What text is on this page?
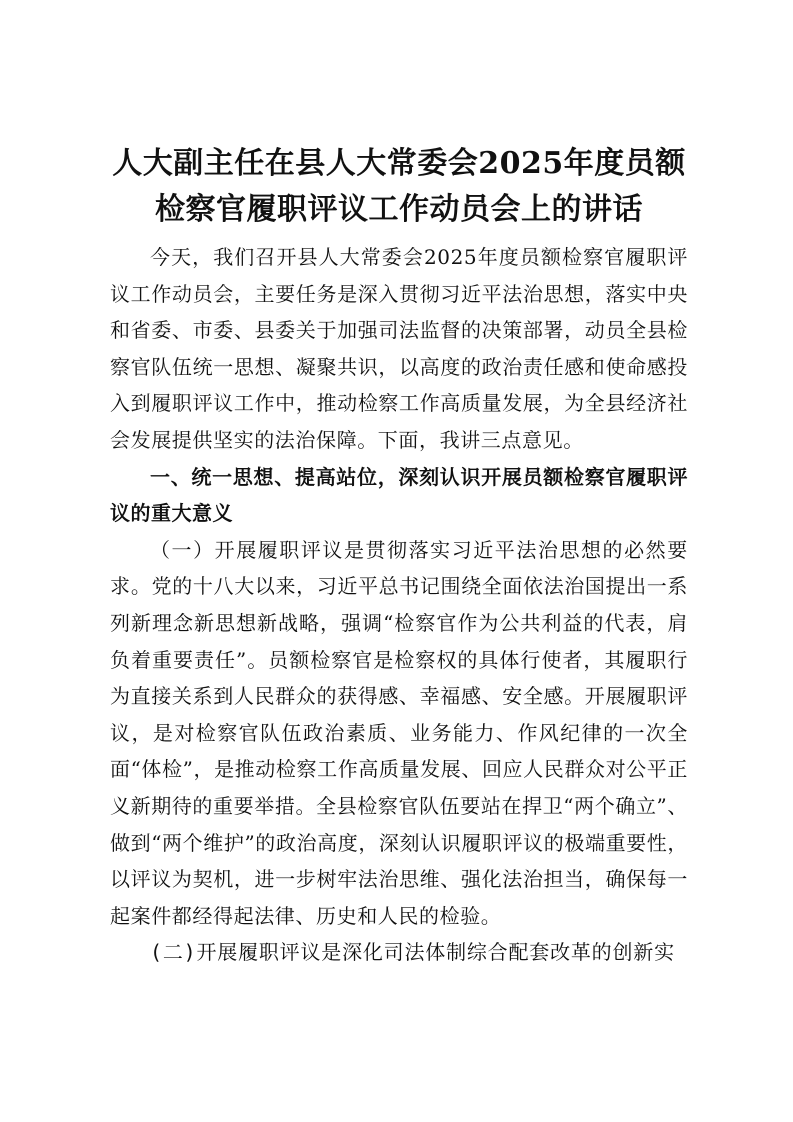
人大副主任在县人大常委会2025年度员额检察官履职评议工作动员会上的讲话

今天，我们召开县人大常委会2025年度员额检察官履职评议工作动员会，主要任务是深入贯彻习近平法治思想，落实中央和省委、市委、县委关于加强司法监督的决策部署，动员全县检察官队伍统一思想、凝聚共识，以高度的政治责任感和使命感投入到履职评议工作中，推动检察工作高质量发展，为全县经济社会发展提供坚实的法治保障。下面，我讲三点意见。

一、统一思想、提高站位，深刻认识开展员额检察官履职评议的重大意义

（一）开展履职评议是贯彻落实习近平法治思想的必然要求。党的十八大以来，习近平总书记围绕全面依法治国提出一系列新理念新思想新战略，强调“检察官作为公共利益的代表，肩负着重要责任”。员额检察官是检察权的具体行使者，其履职行为直接关系到人民群众的获得感、幸福感、安全感。开展履职评议，是对检察官队伍政治素质、业务能力、作风纪律的一次全面“体检”，是推动检察工作高质量发展、回应人民群众对公平正义新期待的重要举措。全县检察官队伍要站在捍卫“两个确立”、做到“两个维护”的政治高度，深刻认识履职评议的极端重要性，以评议为契机，进一步树牢法治思维、强化法治担当，确保每一起案件都经得起法律、历史和人民的检验。

(二)开展履职评议是深化司法体制综合配套改革的创新实
